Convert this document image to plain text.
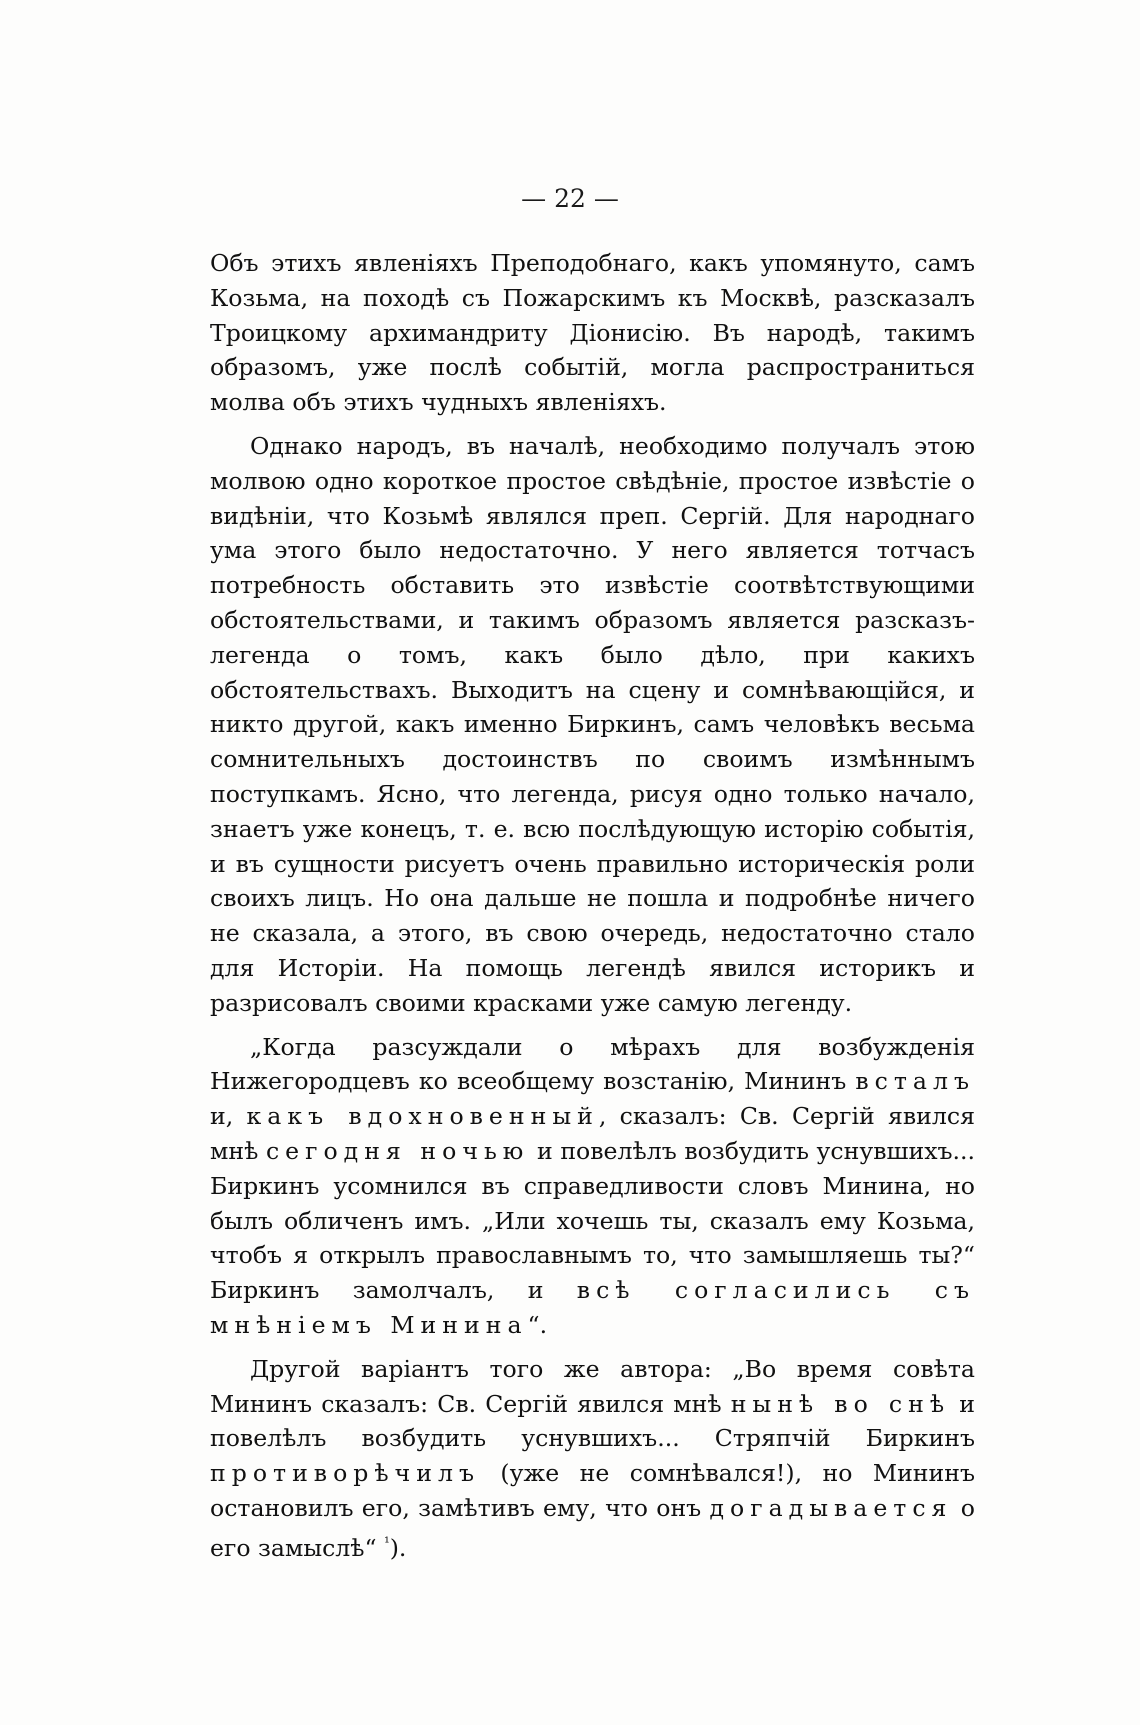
— 22 —

Объ этихъ явленіяхъ Преподобнаго, какъ упомянуто, самъ Козьма, на походѣ съ Пожарскимъ къ Москвѣ, разсказалъ Троицкому архимандриту Діонисію. Въ народѣ, такимъ образомъ, уже послѣ событій, могла распространиться молва объ этихъ чудныхъ явленіяхъ.

Однако народъ, въ началѣ, необходимо получалъ этою молвою одно короткое простое свѣдѣніе, простое извѣстіе о видѣніи, что Козьмѣ являлся преп. Сергій. Для народнаго ума этого было недостаточно. У него является тотчасъ потребность обставить это извѣстіе соотвѣтствующими обстоятельствами, и такимъ образомъ является разсказъ-легенда о томъ, какъ было дѣло, при какихъ обстоятельствахъ. Выходитъ на сцену и сомнѣвающійся, и никто другой, какъ именно Биркинъ, самъ человѣкъ весьма сомнительныхъ достоинствъ по своимъ измѣннымъ поступкамъ. Ясно, что легенда, рисуя одно только начало, знаетъ уже конецъ, т. е. всю послѣдующую исторію событія, и въ сущности рисуетъ очень правильно историческія роли своихъ лицъ. Но она дальше не пошла и подробнѣе ничего не сказала, а этого, въ свою очередь, недостаточно стало для Исторіи. На помощь легендѣ явился историкъ и разрисовалъ своими красками уже самую легенду.

„Когда разсуждали о мѣрахъ для возбужденія Нижегородцевъ ко всеобщему возстанію, Мининъ всталъ и, какъ вдохновенный, сказалъ: Св. Сергій явился мнѣ сегодня ночью и повелѣлъ возбудить уснувшихъ... Биркинъ усомнился въ справедливости словъ Минина, но былъ обличенъ имъ. „Или хочешь ты, сказалъ ему Козьма, чтобъ я открылъ православнымъ то, что замышляешь ты?“ Биркинъ замолчалъ, и всѣ согласились съ мнѣніемъ Минина“.

Другой варіантъ того же автора: „Во время совѣта Мининъ сказалъ: Св. Сергій явился мнѣ нынѣ во снѣ и повелѣлъ возбудить уснувшихъ... Стряпчій Биркинъ противорѣчилъ (уже не сомнѣвался!), но Мининъ остановилъ его, замѣтивъ ему, что онъ догадывается о его замыслѣ“ $^{^1}$).
